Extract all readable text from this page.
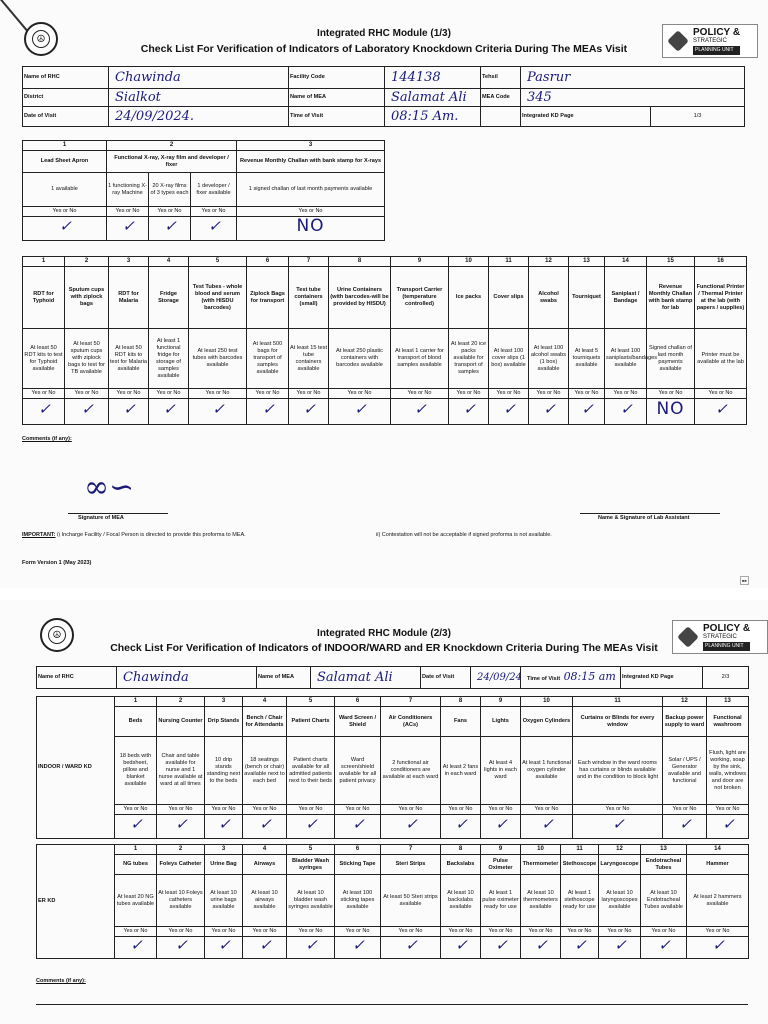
☮
POLICY &
STRATEGIC
PLANNING UNIT
Integrated RHC Module (1/3)
Check List For Verification of Indicators of Laboratory Knockdown Criteria During The MEAs Visit
Name of RHC	Chawinda	Facility Code	144138	Tehsil	Pasrur	
District	Sialkot	Name of MEA	Salamat Ali	MEA Code	345	
Date of Visit	24/09/2024.	Time of Visit	08:15 Am.		Integrated KD Page	1/3
1	2			3
Lead Sheet Apron	Functional X-ray, X-ray film and developer / fixer			Revenue Monthly Challan with bank stamp for X-rays
1 available	1 functioning X-ray Machine	20 X-ray films of 3 types each	1 developer / fixer available	1 signed challan of last month payments available
Yes or No	Yes or No	Yes or No	Yes or No	Yes or No
✓	✓	✓	✓	NO
1	2	3	4	5	6	7	8	9	10	11	12	13	14	15	16
RDT for Typhoid	Sputum cups with ziplock bags	RDT for Malaria	Fridge Storage	Test Tubes - whole blood and serum (with HISDU barcodes)	Ziplock Bags for transport	Test tube containers (small)	Urine Containers (with barcodes-will be provided by HISDU)	Transport Carrier (temperature controlled)	Ice packs	Cover slips	Alcohol swabs	Tourniquet	Saniplast / Bandage	Revenue Monthly Challan with bank stamp for lab	Functional Printer / Thermal Printer at the lab (with papers / supplies)
At least 50 RDT kits to test for Typhoid available	At least 50 sputum cups with ziplock bags to test for TB available	At least 50 RDT kits to test for Malaria available	At least 1 functional fridge for storage of samples available	At least 250 test tubes with barcodes available	At least 500 bags for transport of samples available	At least 15 test tube containers available	At least 250 plastic containers with barcodes available	At least 1 carrier for transport of blood samples available	At least 20 ice packs available for transport of samples	At least 100 cover slips (1 box) available	At least 100 alcohol swabs (1 box) available	At least 5 tourniquets available	At least 100 saniplasts/bandages available	Signed challan of last month payments available	Printer must be available at the lab
Yes or No	Yes or No	Yes or No	Yes or No	Yes or No	Yes or No	Yes or No	Yes or No	Yes or No	Yes or No	Yes or No	Yes or No	Yes or No	Yes or No	Yes or No	Yes or No
✓	✓	✓	✓	✓	✓	✓	✓	✓	✓	✓	✓	✓	✓	NO	✓
Comments (if any):
∞∽
Signature of MEA	Name & Signature of Lab Assistant
IMPORTANT: i) Incharge Facility / Focal Person is directed to provide this proforma to MEA.	ii) Contestation will not be acceptable if signed proforma is not available.
Form Version 1 (May 2023)
■■
☮
POLICY &
STRATEGIC
PLANNING UNIT
Integrated RHC Module (2/3)
Check List For Verification of Indicators of INDOOR/WARD and ER Knockdown Criteria During The MEAs Visit
Name of RHC	Chawinda	Name of MEA	Salamat Ali	Date of Visit	24/09/24	Time of Visit 08:15 am	Integrated KD Page	2/3
INDOOR / WARD KD	1	2	3	4	5	6	7	8	9	10	11	12	13
	Beds	Nursing Counter	Drip Stands	Bench / Chair for Attendants	Patient Charts	Ward Screen / Shield	Air Conditioners (ACs)	Fans	Lights	Oxygen Cylinders	Curtains or Blinds for every window	Backup power supply to ward	Functional washroom
	18 beds with bedsheet, pillow and blanket available	Chair and table available for nurse and 1 nurse available at ward at all times	10 drip stands standing next to the beds	18 seatings (bench or chair) available next to each bed	Patient charts available for all admitted patients next to their beds	Ward screen/shield available for all patient privacy	2 functional air conditioners are available at each ward	At least 2 fans in each ward	At least 4 lights in each ward	At least 1 functional oxygen cylinder available	Each window in the ward rooms has curtains or blinds available and in the condition to block light	Solar / UPS / Generator available and functional	Flush, light are working, soap by the sink, walls, windows and door are not broken
	Yes or No	Yes or No	Yes or No	Yes or No	Yes or No	Yes or No	Yes or No	Yes or No	Yes or No	Yes or No	Yes or No	Yes or No	Yes or No
	✓	✓	✓	✓	✓	✓	✓	✓	✓	✓	✓	✓	✓
ER KD	1	2	3	4	5	6	7	8	9	10	11	12	13	14
	NG tubes	Foleys Catheter	Urine Bag	Airways	Bladder Wash syringes	Sticking Tape	Steri Strips	Backslabs	Pulse Oximeter	Thermometer	Stethoscope	Laryngoscope	Endotracheal Tubes	Hammer
	At least 20 NG tubes available	At least 10 Foleys catheters available	At least 10 urine bags available	At least 10 airways available	At least 10 bladder wash syringes available	At least 100 sticking tapes available	At least 50 Steri strips available	At least 10 backslabs available	At least 1 pulse oximeter ready for use	At least 10 thermometers available	At least 1 stethoscope ready for use	At least 10 laryngoscopes available	At least 10 Endotracheal Tubes available	At least 2 hammers available
	Yes or No	Yes or No	Yes or No	Yes or No	Yes or No	Yes or No	Yes or No	Yes or No	Yes or No	Yes or No	Yes or No	Yes or No	Yes or No	Yes or No
	✓	✓	✓	✓	✓	✓	✓	✓	✓	✓	✓	✓	✓	✓
Comments (if any):
